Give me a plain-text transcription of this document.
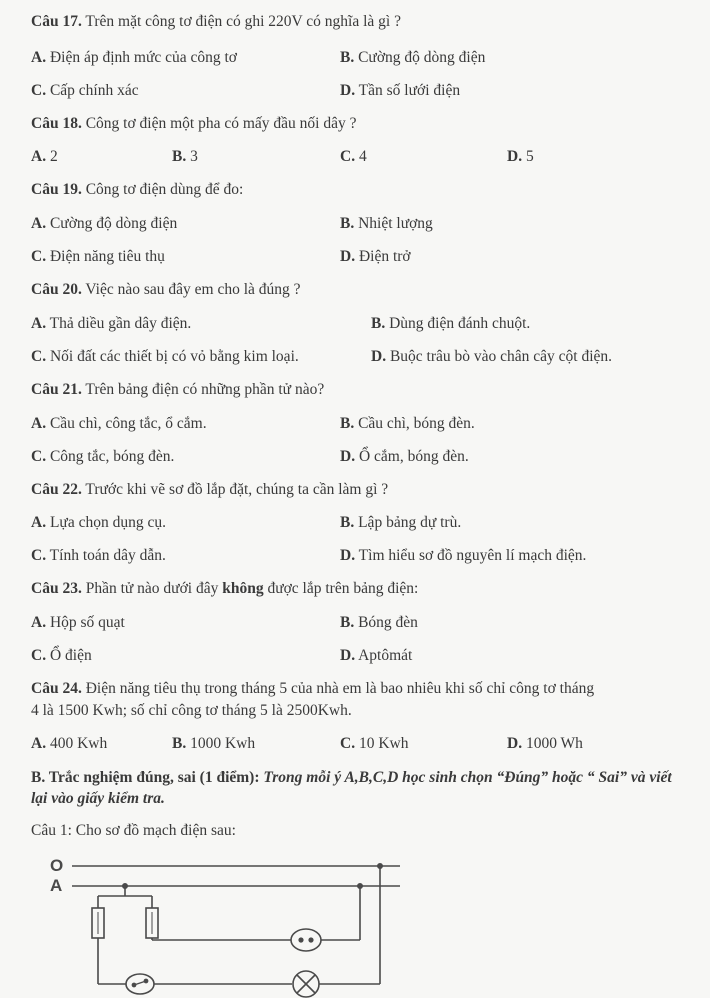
Câu 17. Trên mặt công tơ điện có ghi 220V có nghĩa là gì ?
A. Điện áp định mức của công tơ	B. Cường độ dòng điện
C. Cấp chính xác	D. Tần số lưới điện
Câu 18. Công tơ điện một pha có mấy đầu nối dây ?
A. 2	B. 3	C. 4	D. 5
Câu 19. Công tơ điện dùng để đo:
A. Cường độ dòng điện	B. Nhiệt lượng
C. Điện năng tiêu thụ	D. Điện trở
Câu 20. Việc nào sau đây em cho là đúng ?
A. Thả diều gần dây điện.	B. Dùng điện đánh chuột.
C. Nối đất các thiết bị có vỏ bằng kim loại.	D. Buộc trâu bò vào chân cây cột điện.
Câu 21. Trên bảng điện có những phần tử nào?
A. Cầu chì, công tắc, ổ cắm.	B. Cầu chì, bóng đèn.
C. Công tắc, bóng đèn.	D. Ổ cắm, bóng đèn.
Câu 22. Trước khi vẽ sơ đồ lắp đặt, chúng ta cần làm gì ?
A. Lựa chọn dụng cụ.	B. Lập bảng dự trù.
C. Tính toán dây dẫn.	D. Tìm hiểu sơ đồ nguyên lí mạch điện.
Câu 23. Phần tử nào dưới đây không được lắp trên bảng điện:
A. Hộp số quạt	B. Bóng đèn
C. Ổ điện	D. Aptômát
Câu 24. Điện năng tiêu thụ trong tháng 5 của nhà em là bao nhiêu khi số chỉ công tơ tháng
4 là 1500 Kwh; số chỉ công tơ tháng 5 là 2500Kwh.
A. 400 Kwh	B. 1000 Kwh	C. 10 Kwh	D. 1000 Wh
B. Trắc nghiệm đúng, sai (1 điểm): Trong mỗi ý A,B,C,D học sinh chọn “Đúng” hoặc “ Sai” và viết lại vào giấy kiểm tra.
Câu 1: Cho sơ đồ mạch điện sau:
O
A
